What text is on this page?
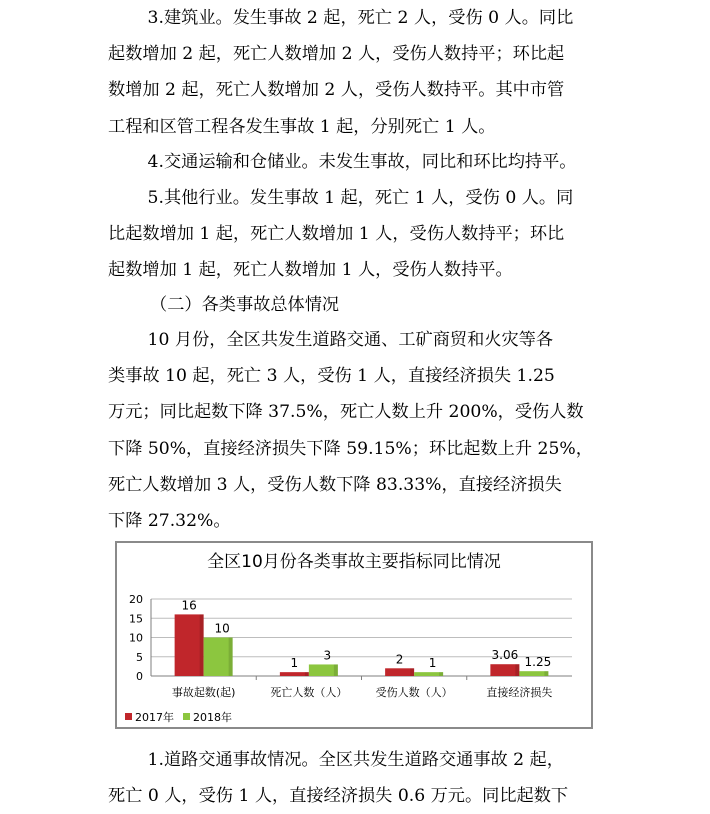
3.建筑业。发生事故 2 起，死亡 2 人，受伤 0 人。同比
起数增加 2 起，死亡人数增加 2 人，受伤人数持平；环比起
数增加 2 起，死亡人数增加 2 人，受伤人数持平。其中市管
工程和区管工程各发生事故 1 起，分别死亡 1 人。
4.交通运输和仓储业。未发生事故，同比和环比均持平。
5.其他行业。发生事故 1 起，死亡 1 人，受伤 0 人。同
比起数增加 1 起，死亡人数增加 1 人，受伤人数持平；环比
起数增加 1 起，死亡人数增加 1 人，受伤人数持平。
（二）各类事故总体情况
10 月份，全区共发生道路交通、工矿商贸和火灾等各
类事故 10 起，死亡 3 人，受伤 1 人，直接经济损失 1.25
万元；同比起数下降 37.5%，死亡人数上升 200%，受伤人数
下降 50%，直接经济损失下降 59.15%；环比起数上升 25%，
死亡人数增加 3 人，受伤人数下降 83.33%，直接经济损失
下降 27.32%。
全区10月份各类事故主要指标同比情况
0
5
10
15
20
事故起数(起)
16
10
死亡人数（人）
1
3
受伤人数（人）
2 1
直接经济损失
3.06 1.25
2017年 2018年
1.道路交通事故情况。全区共发生道路交通事故 2 起，
死亡 0 人，受伤 1 人，直接经济损失 0.6 万元。同比起数下
